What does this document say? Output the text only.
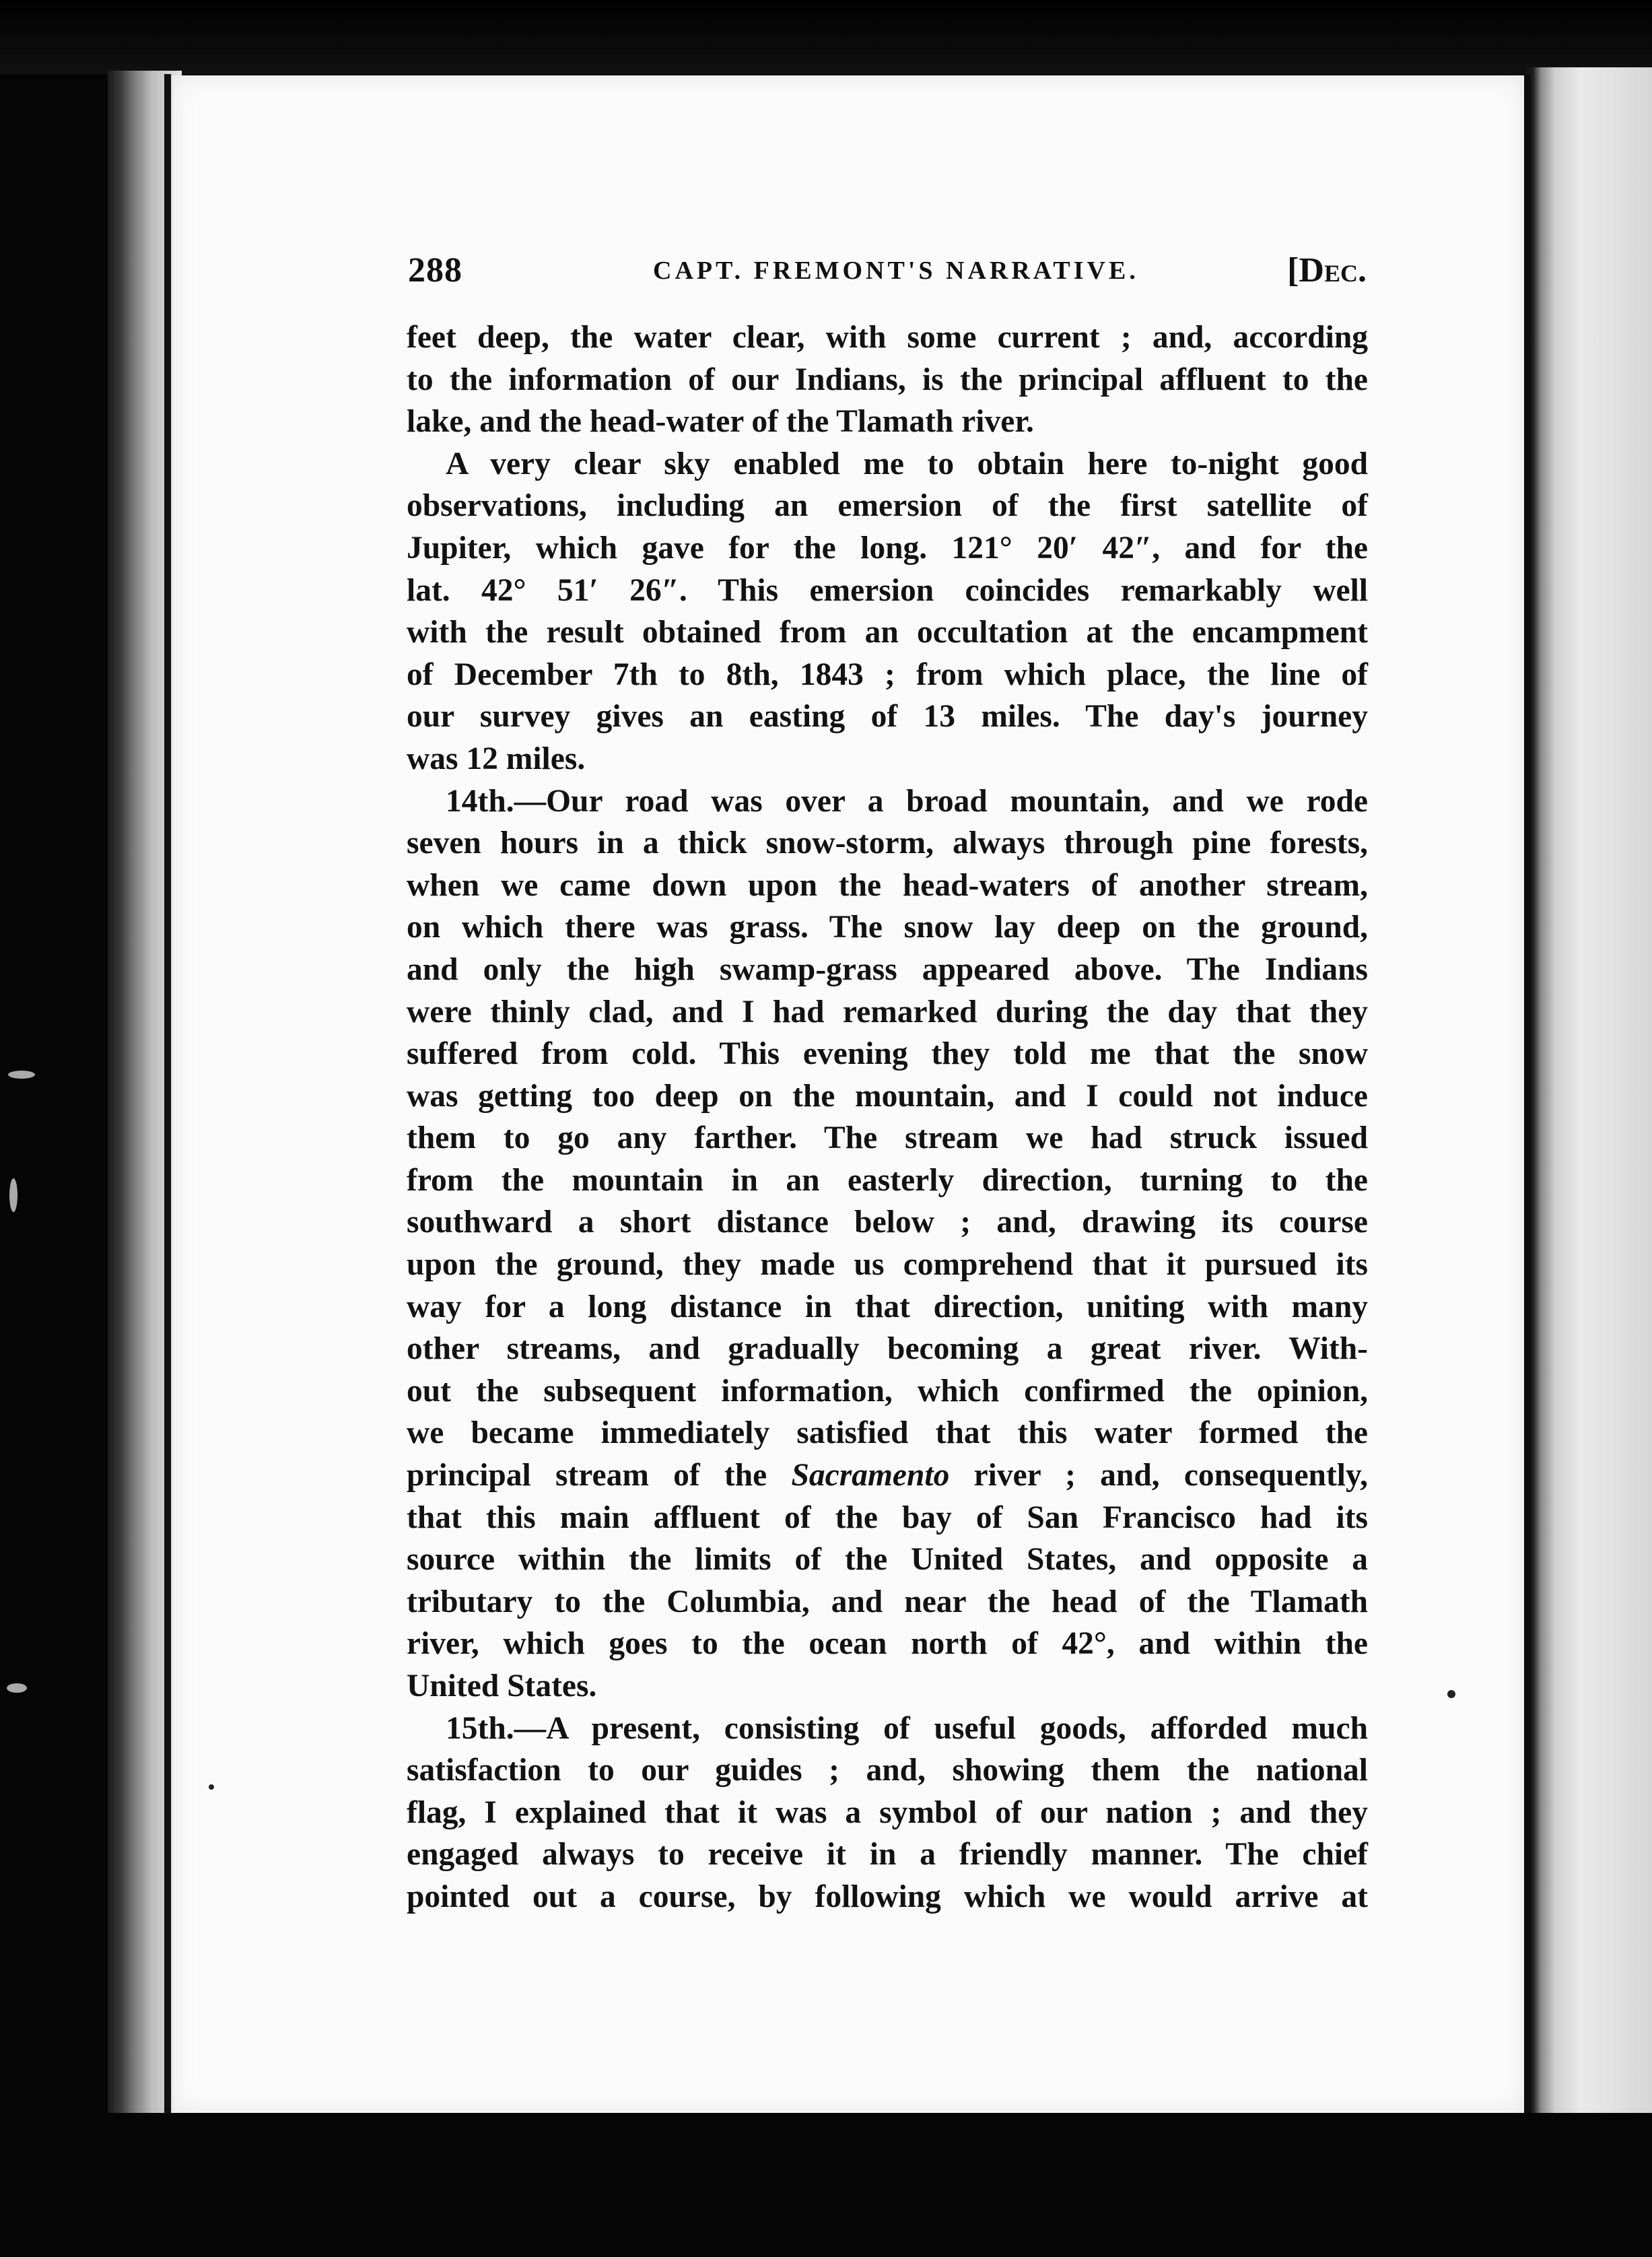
288	CAPT. FREMONT'S NARRATIVE.	[Dec.

feet deep, the water clear, with some current ; and, according
to the information of our Indians, is the principal affluent to the
lake, and the head-water of the Tlamath river.

A very clear sky enabled me to obtain here to-night good
observations, including an emersion of the first satellite of
Jupiter, which gave for the long. 121° 20′ 42″, and for the
lat. 42° 51′ 26″. This emersion coincides remarkably well
with the result obtained from an occultation at the encampment
of December 7th to 8th, 1843 ; from which place, the line of
our survey gives an easting of 13 miles. The day's journey
was 12 miles.

14th.—Our road was over a broad mountain, and we rode
seven hours in a thick snow-storm, always through pine forests,
when we came down upon the head-waters of another stream,
on which there was grass. The snow lay deep on the ground,
and only the high swamp-grass appeared above. The Indians
were thinly clad, and I had remarked during the day that they
suffered from cold. This evening they told me that the snow
was getting too deep on the mountain, and I could not induce
them to go any farther. The stream we had struck issued
from the mountain in an easterly direction, turning to the
southward a short distance below ; and, drawing its course
upon the ground, they made us comprehend that it pursued its
way for a long distance in that direction, uniting with many
other streams, and gradually becoming a great river. With-
out the subsequent information, which confirmed the opinion,
we became immediately satisfied that this water formed the
principal stream of the Sacramento river ; and, consequently,
that this main affluent of the bay of San Francisco had its
source within the limits of the United States, and opposite a
tributary to the Columbia, and near the head of the Tlamath
river, which goes to the ocean north of 42°, and within the
United States.

15th.—A present, consisting of useful goods, afforded much
satisfaction to our guides ; and, showing them the national
flag, I explained that it was a symbol of our nation ; and they
engaged always to receive it in a friendly manner. The chief
pointed out a course, by following which we would arrive at
